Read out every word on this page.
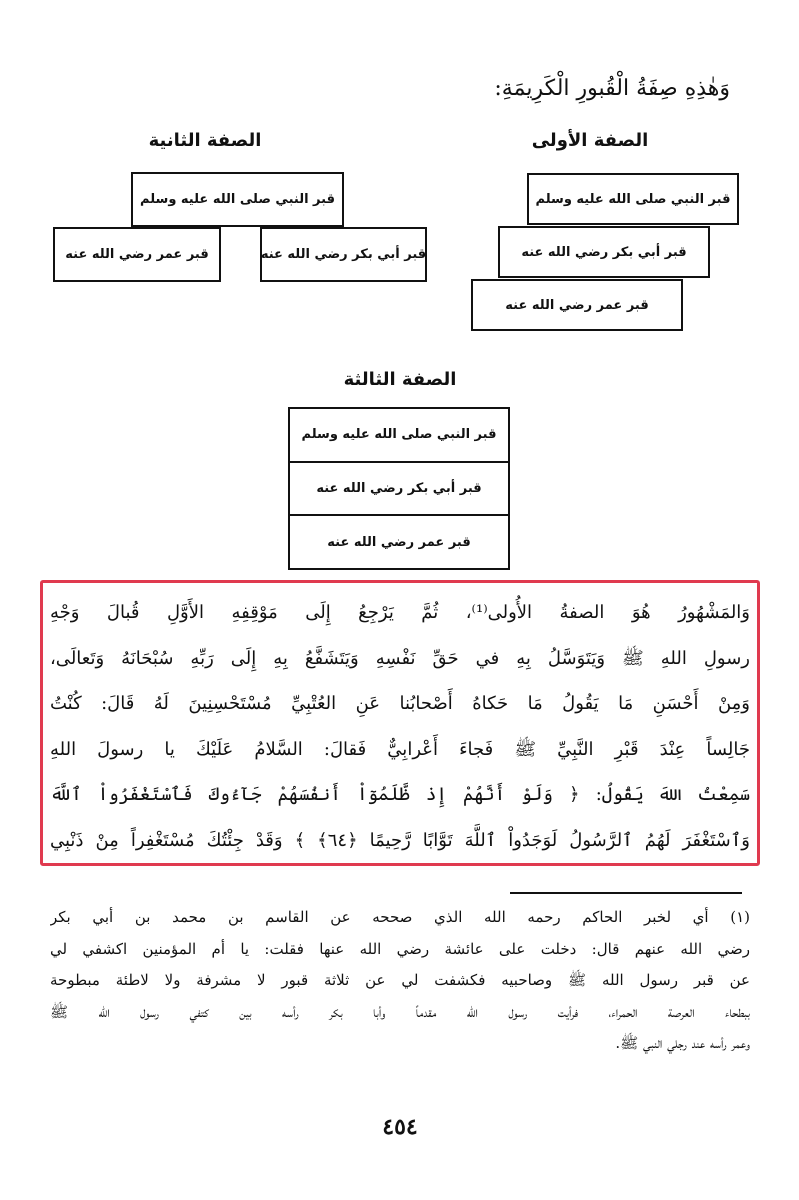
وَهٰذِهِ صِفَةُ الْقُبورِ الْكَرِيمَةِ:
الصفة الأولى
قبر النبي صلى الله عليه وسلم
قبر أبي بكر رضي الله عنه
قبر عمر رضي الله عنه
الصفة الثانية
قبر النبي صلى الله عليه وسلم
قبر أبي بكر رضي الله عنه
قبر عمر رضي الله عنه
الصفة الثالثة
قبر النبي صلى الله عليه وسلم
قبر أبي بكر رضي الله عنه
قبر عمر رضي الله عنه
وَالمَشْهُورُ هُوَ الصفةُ الأُولى⁽¹⁾، ثُمَّ يَرْجِعُ إِلَى مَوْقِفِهِ الأَوَّلِ قُبالَ وَجْهِ
رسولِ اللهِ ﷺ وَيَتَوَسَّلُ بِهِ في حَقِّ نَفْسِهِ وَيَتَشَفَّعُ بِهِ إِلَى رَبِّهِ سُبْحَانَهُ وَتَعالَى،
وَمِنْ أَحْسَنِ مَا يَقُولُ مَا حَكاهُ أَصْحابُنا عَنِ العُتْبِيِّ مُسْتَحْسِنِينَ لَهُ قَالَ: كُنْتُ
جَالِساً عِنْدَ قَبْرِ النَّبِيِّ ﷺ فَجاءَ أَعْرابِيٌّ فَقالَ: السَّلامُ عَلَيْكَ يا رسولَ اللهِ
سَمِعْتُ اللهَ يَقُولُ: ﴿ وَلَوْ أَنَّهُمْ إِذ ظَّلَمُوٓاْ أَنفُسَهُمْ جَآءُوكَ فَٱسْتَغْفَرُواْ ٱللَّهَ
وَٱسْتَغْفَرَ لَهُمُ ٱلرَّسُولُ لَوَجَدُواْ ٱللَّهَ تَوَّابًا رَّحِيمًا ﴿٦٤﴾ ﴾ وَقَدْ جِئْتُكَ مُسْتَغْفِراً مِنْ ذَنْبِي
(١) أي لخبر الحاكم رحمه الله الذي صححه عن القاسم بن محمد بن أبي بكر
رضي الله عنهم قال: دخلت على عائشة رضي الله عنها فقلت: يا أم المؤمنين اكشفي لي
عن قبر رسول الله ﷺ وصاحبيه فكشفت لي عن ثلاثة قبور لا مشرفة ولا لاطئة مبطوحة
ببطحاء العرصة الحمراء، فرأيت رسول الله مقدماً وأبا بكر رأسه بين كتفي رسول الله ﷺ
وعمر رأسه عند رجلي النبي ﷺ.
٤٥٤
